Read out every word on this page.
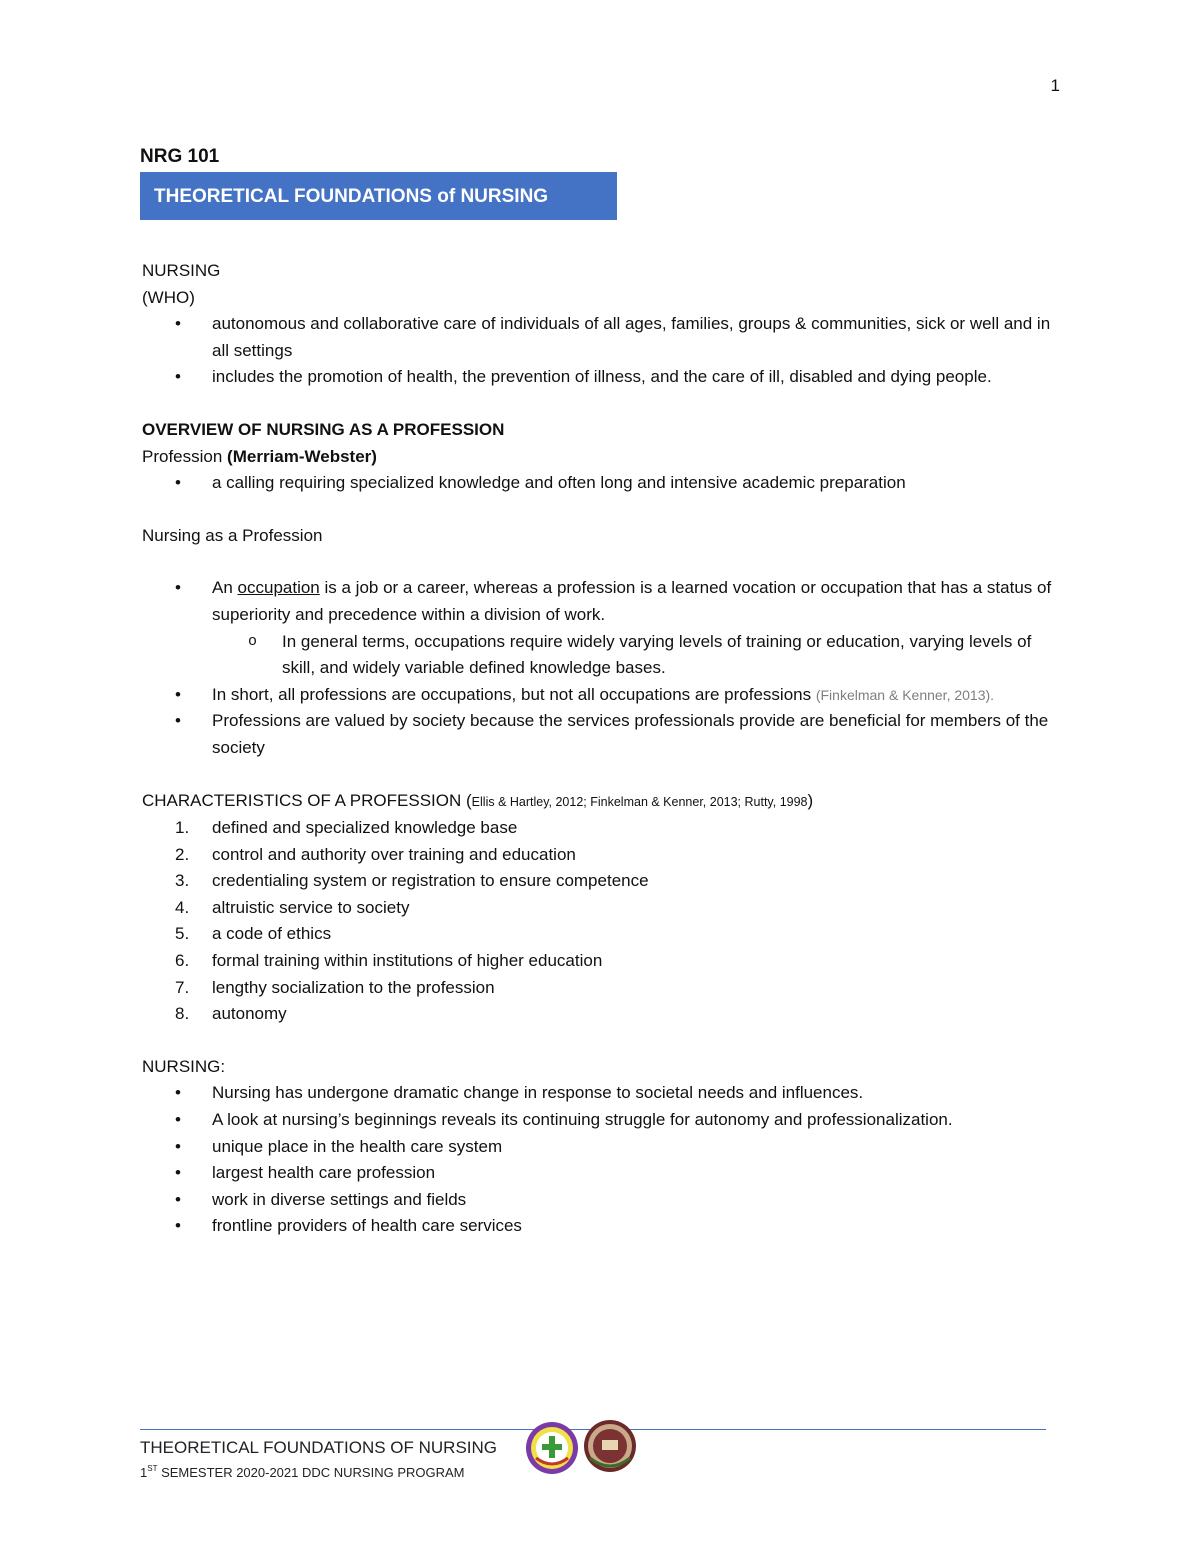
1
NRG 101
THEORETICAL FOUNDATIONS of NURSING

NURSING

(WHO)

• autonomous and collaborative care of individuals of all ages, families, groups & communities, sick or well and in all settings
• includes the promotion of health, the prevention of illness, and the care of ill, disabled and dying people.

OVERVIEW OF NURSING AS A PROFESSION

Profession (Merriam-Webster)

• a calling requiring specialized knowledge and often long and intensive academic preparation

Nursing as a Profession

• An occupation is a job or a career, whereas a profession is a learned vocation or occupation that has a status of superiority and precedence within a division of work.
o In general terms, occupations require widely varying levels of training or education, varying levels of skill, and widely variable defined knowledge bases.
• In short, all professions are occupations, but not all occupations are professions (Finkelman & Kenner, 2013).
• Professions are valued by society because the services professionals provide are beneficial for members of the society

CHARACTERISTICS OF A PROFESSION (Ellis & Hartley, 2012; Finkelman & Kenner, 2013; Rutty, 1998)

1.	defined and specialized knowledge base
2.	control and authority over training and education
3.	credentialing system or registration to ensure competence
4.	altruistic service to society
5.	a code of ethics
6.	formal training within institutions of higher education
7.	lengthy socialization to the profession
8.	autonomy

NURSING:

• Nursing has undergone dramatic change in response to societal needs and influences.
• A look at nursing’s beginnings reveals its continuing struggle for autonomy and professionalization.
• unique place in the health care system
• largest health care profession
• work in diverse settings and fields
• frontline providers of health care services
THEORETICAL FOUNDATIONS OF NURSING
1ST SEMESTER 2020-2021 DDC NURSING PROGRAM
